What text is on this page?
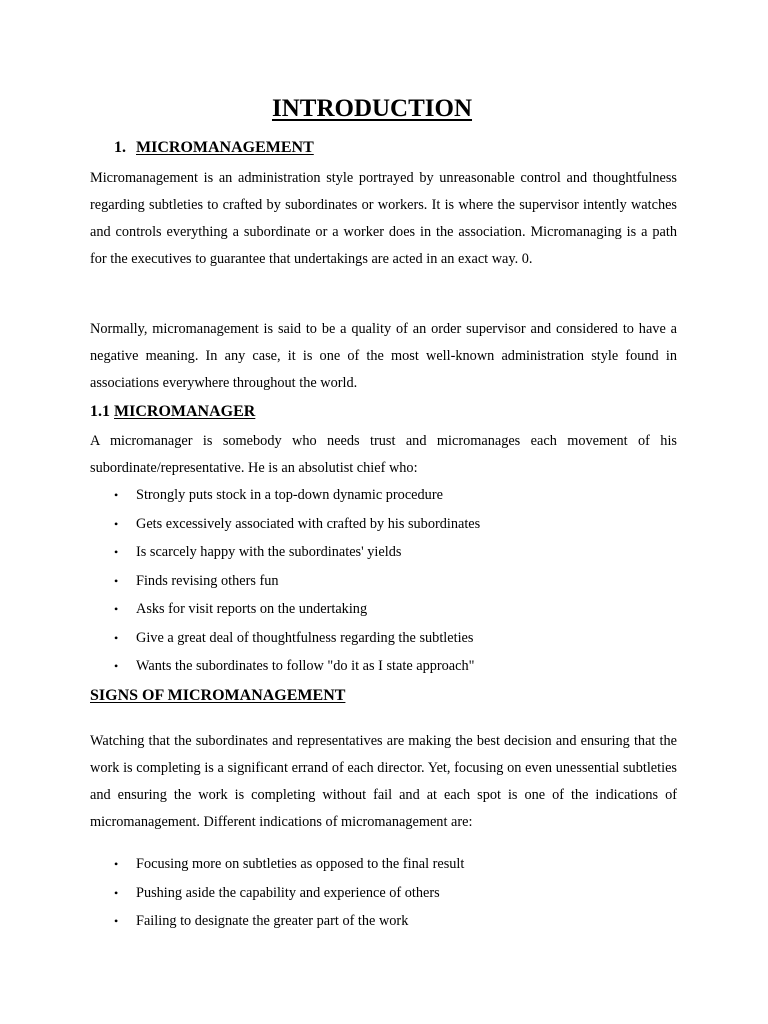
INTRODUCTION
1. MICROMANAGEMENT

Micromanagement is an administration style portrayed by unreasonable control and thoughtfulness regarding subtleties to crafted by subordinates or workers. It is where the supervisor intently watches and controls everything a subordinate or a worker does in the association. Micromanaging is a path for the executives to guarantee that undertakings are acted in an exact way. 0.

Normally, micromanagement is said to be a quality of an order supervisor and considered to have a negative meaning. In any case, it is one of the most well-known administration style found in associations everywhere throughout the world.

1.1 MICROMANAGER

A micromanager is somebody who needs trust and micromanages each movement of his subordinate/representative. He is an absolutist chief who:

• Strongly puts stock in a top-down dynamic procedure
• Gets excessively associated with crafted by his subordinates
• Is scarcely happy with the subordinates' yields
• Finds revising others fun
• Asks for visit reports on the undertaking
• Give a great deal of thoughtfulness regarding the subtleties
• Wants the subordinates to follow "do it as I state approach"
SIGNS OF MICROMANAGEMENT

Watching that the subordinates and representatives are making the best decision and ensuring that the work is completing is a significant errand of each director. Yet, focusing on even unessential subtleties and ensuring the work is completing without fail and at each spot is one of the indications of micromanagement. Different indications of micromanagement are:

• Focusing more on subtleties as opposed to the final result
• Pushing aside the capability and experience of others
• Failing to designate the greater part of the work
